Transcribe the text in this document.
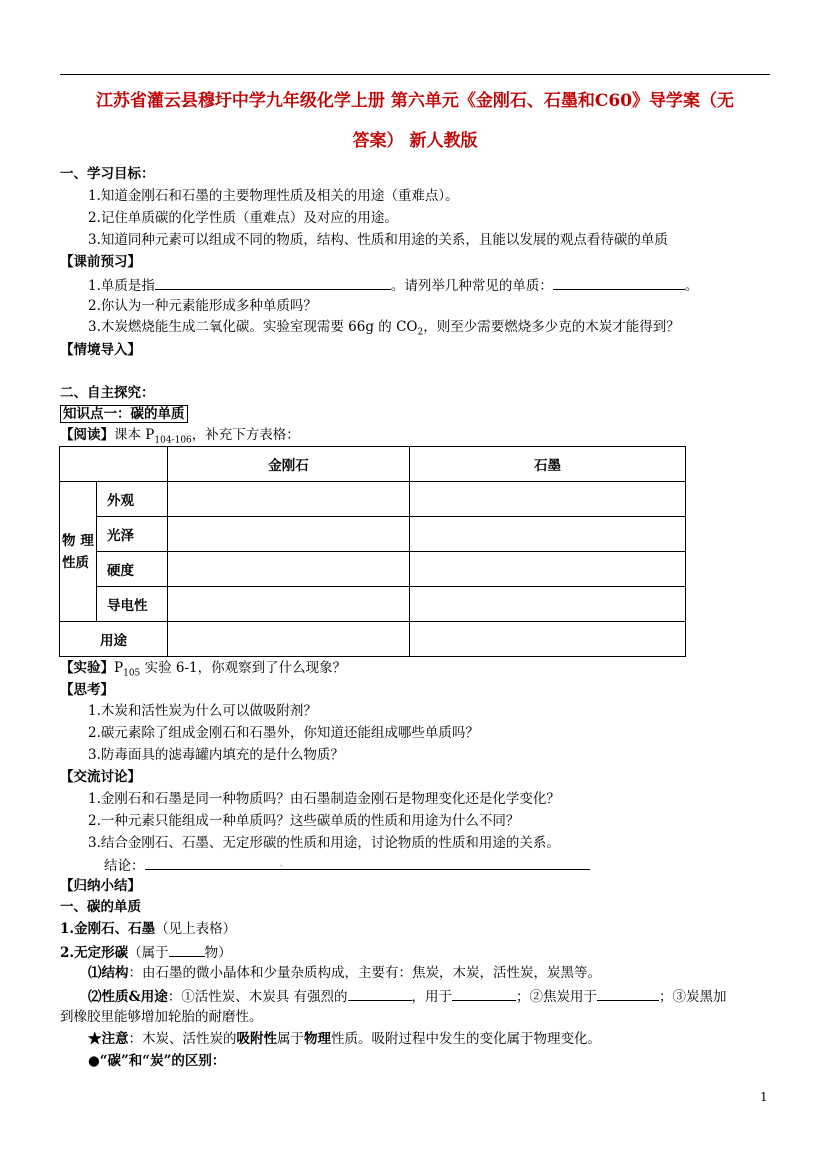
江苏省灌云县穆圩中学九年级化学上册 第六单元《金刚石、石墨和C60》导学案（无
答案） 新人教版
一、学习目标：
1.知道金刚石和石墨的主要物理性质及相关的用途（重难点）。
2.记住单质碳的化学性质（重难点）及对应的用途。
3.知道同种元素可以组成不同的物质，结构、性质和用途的关系，且能以发展的观点看待碳的单质
【课前预习】
1.单质是指	。请列举几种常见的单质：	。
2.你认为一种元素能形成多种单质吗？
3.木炭燃烧能生成二氧化碳。实验室现需要 66g 的 $CO_2$，则至少需要燃烧多少克的木炭才能得到？
【情境导入】
二、自主探究：
知识点一：碳的单质
【阅读】课本 $P_{104-106}$，补充下方表格：
		金刚石	石墨
物 理
性质	外观		
	光泽		
	硬度		
	导电性		
用途			
【实验】$P_{105}$ 实验 6-1，你观察到了什么现象？
【思考】
1.木炭和活性炭为什么可以做吸附剂？
2.碳元素除了组成金刚石和石墨外，你知道还能组成哪些单质吗？
3.防毒面具的滤毒罐内填充的是什么物质？
【交流讨论】
1.金刚石和石墨是同一种物质吗？由石墨制造金刚石是物理变化还是化学变化？
2.一种元素只能组成一种单质吗？这些碳单质的性质和用途为什么不同？
3.结合金刚石、石墨、无定形碳的性质和用途，讨论物质的性质和用途的关系。
结论：	.
【归纳小结】
一、碳的单质
1.金刚石、石墨（见上表格）
2.无定形碳（属于	物）
⑴结构：由石墨的微小晶体和少量杂质构成，主要有：焦炭，木炭，活性炭，炭黑等。
⑵性质&用途：①活性炭、木炭具 有强烈的	，用于	；②焦炭用于	；③炭黑加
到橡胶里能够增加轮胎的耐磨性。
★注意：木炭、活性炭的吸附性属于物理性质。吸附过程中发生的变化属于物理变化。
●“碳”和“炭”的区别：
1
